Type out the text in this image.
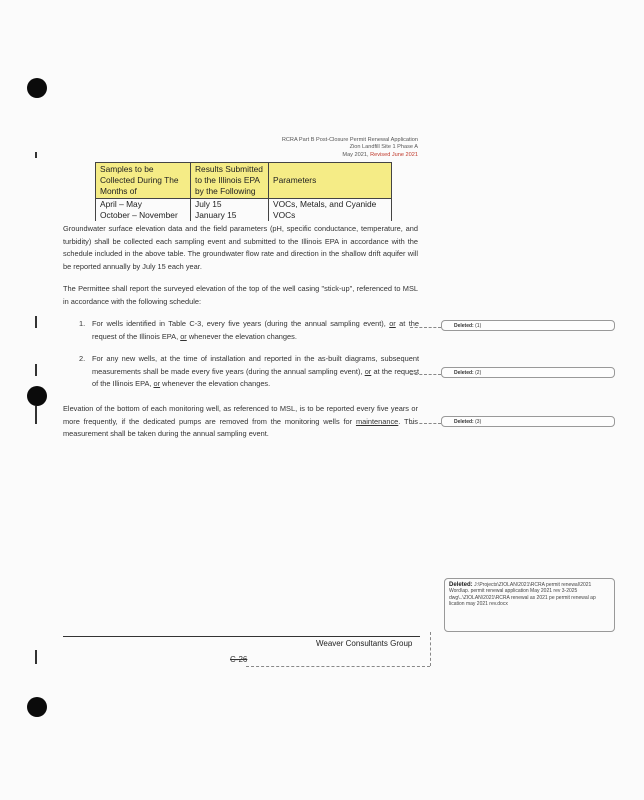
RCRA Part B Post-Closure Permit Renewal Application
Zion Landfill Site 1 Phase A
May 2021, Revised June 2021
Samples to be Collected During The Months of	Results Submitted to the Illinois EPA by the Following	Parameters
April – May	July 15	VOCs, Metals, and Cyanide
October – November	January 15	VOCs
Groundwater surface elevation data and the field parameters (pH, specific conductance, temperature, and turbidity) shall be collected each sampling event and submitted to the Illinois EPA in accordance with the schedule included in the above table. The groundwater flow rate and direction in the shallow drift aquifer will be reported annually by July 15 each year.
The Permittee shall report the surveyed elevation of the top of the well casing "stick-up", referenced to MSL in accordance with the following schedule:
1. For wells identified in Table C-3, every five years (during the annual sampling event), or at the request of the Illinois EPA, or whenever the elevation changes.
2. For any new wells, at the time of installation and reported in the as-built diagrams, subsequent measurements shall be made every five years (during the annual sampling event), or at the request of the Illinois EPA, or whenever the elevation changes.
Elevation of the bottom of each monitoring well, as referenced to MSL, is to be reported every five years or more frequently, if the dedicated pumps are removed from the monitoring wells for maintenance. This measurement shall be taken during the annual sampling event.
Deleted: (1)
Deleted: (2)
Deleted: (3)
Deleted: J:\Projects\ZIOLAN\2021\RCRA permit renewal\2021 Word\ap. permit renewal application May 2021 rev 3-2025 dwg\..\ZIOLAN\2021\RCRA renewal as 2021 pe permit renewal ap lication may 2021 rev.docx
Weaver Consultants Group
C-26
